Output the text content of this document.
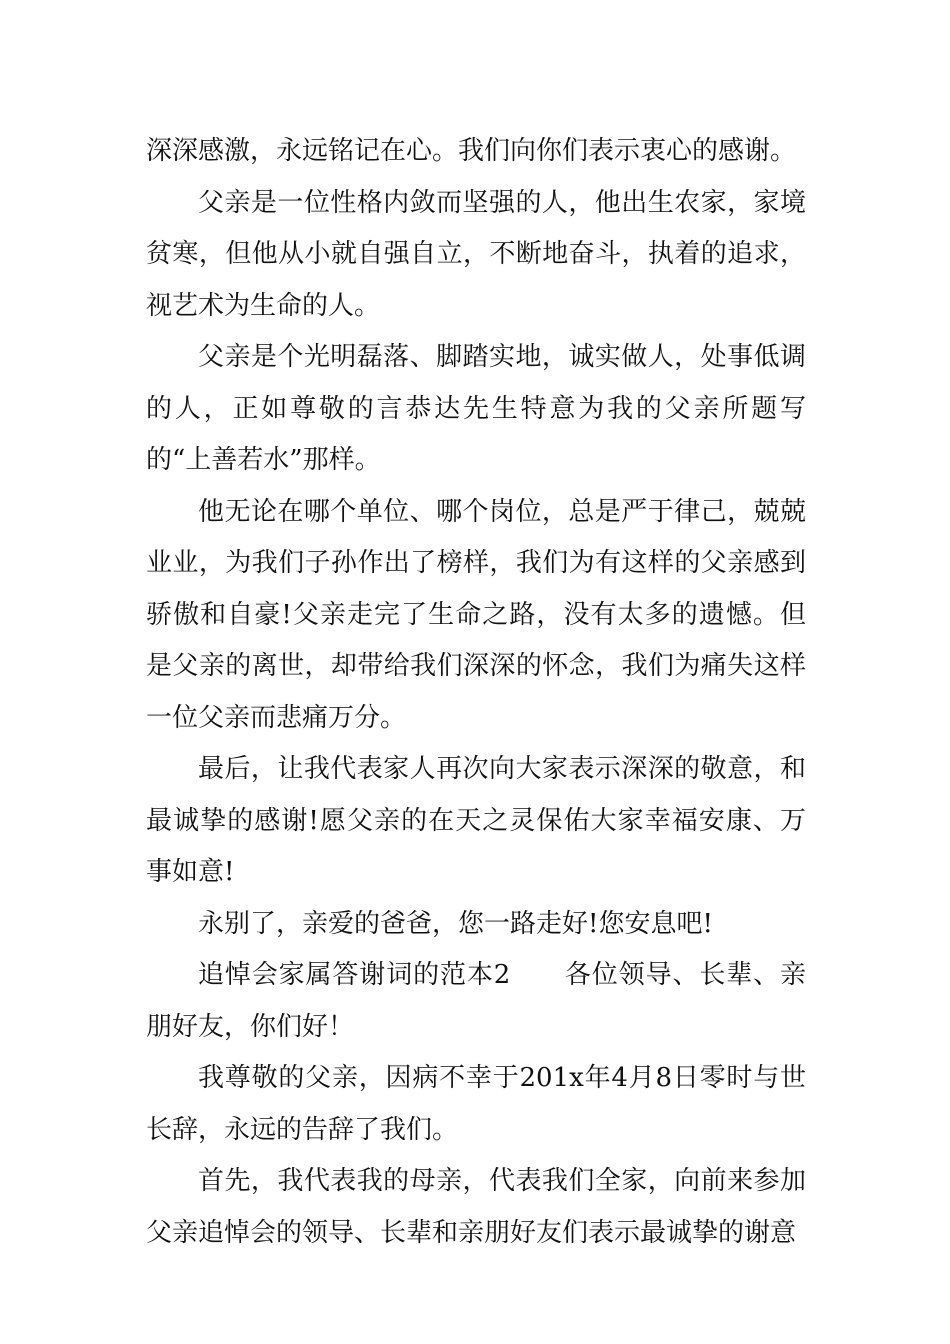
深深感激，永远铭记在心。我们向你们表示衷心的感谢。

父亲是一位性格内敛而坚强的人，他出生农家，家境贫寒，但他从小就自强自立，不断地奋斗，执着的追求，视艺术为生命的人。

父亲是个光明磊落、脚踏实地，诚实做人，处事低调的人，正如尊敬的言恭达先生特意为我的父亲所题写的“上善若水”那样。

他无论在哪个单位、哪个岗位，总是严于律己，兢兢业业，为我们子孙作出了榜样，我们为有这样的父亲感到骄傲和自豪!父亲走完了生命之路，没有太多的遗憾。但是父亲的离世，却带给我们深深的怀念，我们为痛失这样一位父亲而悲痛万分。

最后，让我代表家人再次向大家表示深深的敬意，和最诚挚的感谢!愿父亲的在天之灵保佑大家幸福安康、万事如意!

永别了，亲爱的爸爸，您一路走好!您安息吧!

追悼会家属答谢词的范本2　　各位领导、长辈、亲朋好友，你们好！

我尊敬的父亲，因病不幸于201x年4月8日零时与世长辞，永远的告辞了我们。

首先，我代表我的母亲，代表我们全家，向前来参加父亲追悼会的领导、长辈和亲朋好友们表示最诚挚的谢意
